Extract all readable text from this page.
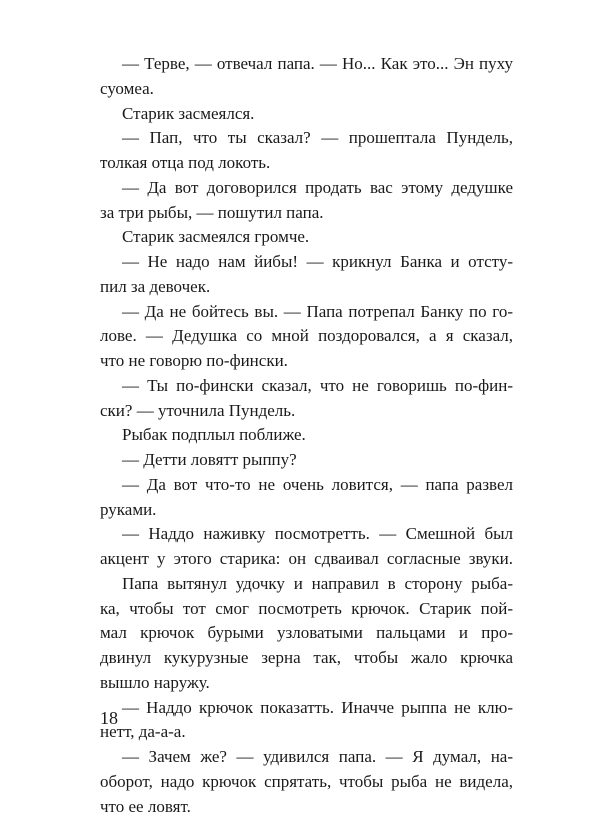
— Терве, — отвечал папа. — Но... Как это... Эн пуху
суомеа.
Старик засмеялся.
— Пап, что ты сказал? — прошептала Пундель,
толкая отца под локоть.
— Да вот договорился продать вас этому дедушке
за три рыбы, — пошутил папа.
Старик засмеялся громче.
— Не надо нам йибы! — крикнул Банка и отсту-
пил за девочек.
— Да не бойтесь вы. — Папа потрепал Банку по го-
лове. — Дедушка со мной поздоровался, а я сказал,
что не говорю по-фински.
— Ты по-фински сказал, что не говоришь по-фин-
ски? — уточнила Пундель.
Рыбак подплыл поближе.
— Детти ловятт рыппу?
— Да вот что-то не очень ловится, — папа развел
руками.
— Наддо наживку посмотретть. — Смешной был
акцент у этого старика: он сдваивал согласные звуки.
Папа вытянул удочку и направил в сторону рыба-
ка, чтобы тот смог посмотреть крючок. Старик пой-
мал крючок бурыми узловатыми пальцами и про-
двинул кукурузные зерна так, чтобы жало крючка
вышло наружу.
— Наддо крючок показатть. Иначче рыппа не клю-
нетт, да-а-а.
— Зачем же? — удивился папа. — Я думал, на-
оборот, надо крючок спрятать, чтобы рыба не видела,
что ее ловят.
18
